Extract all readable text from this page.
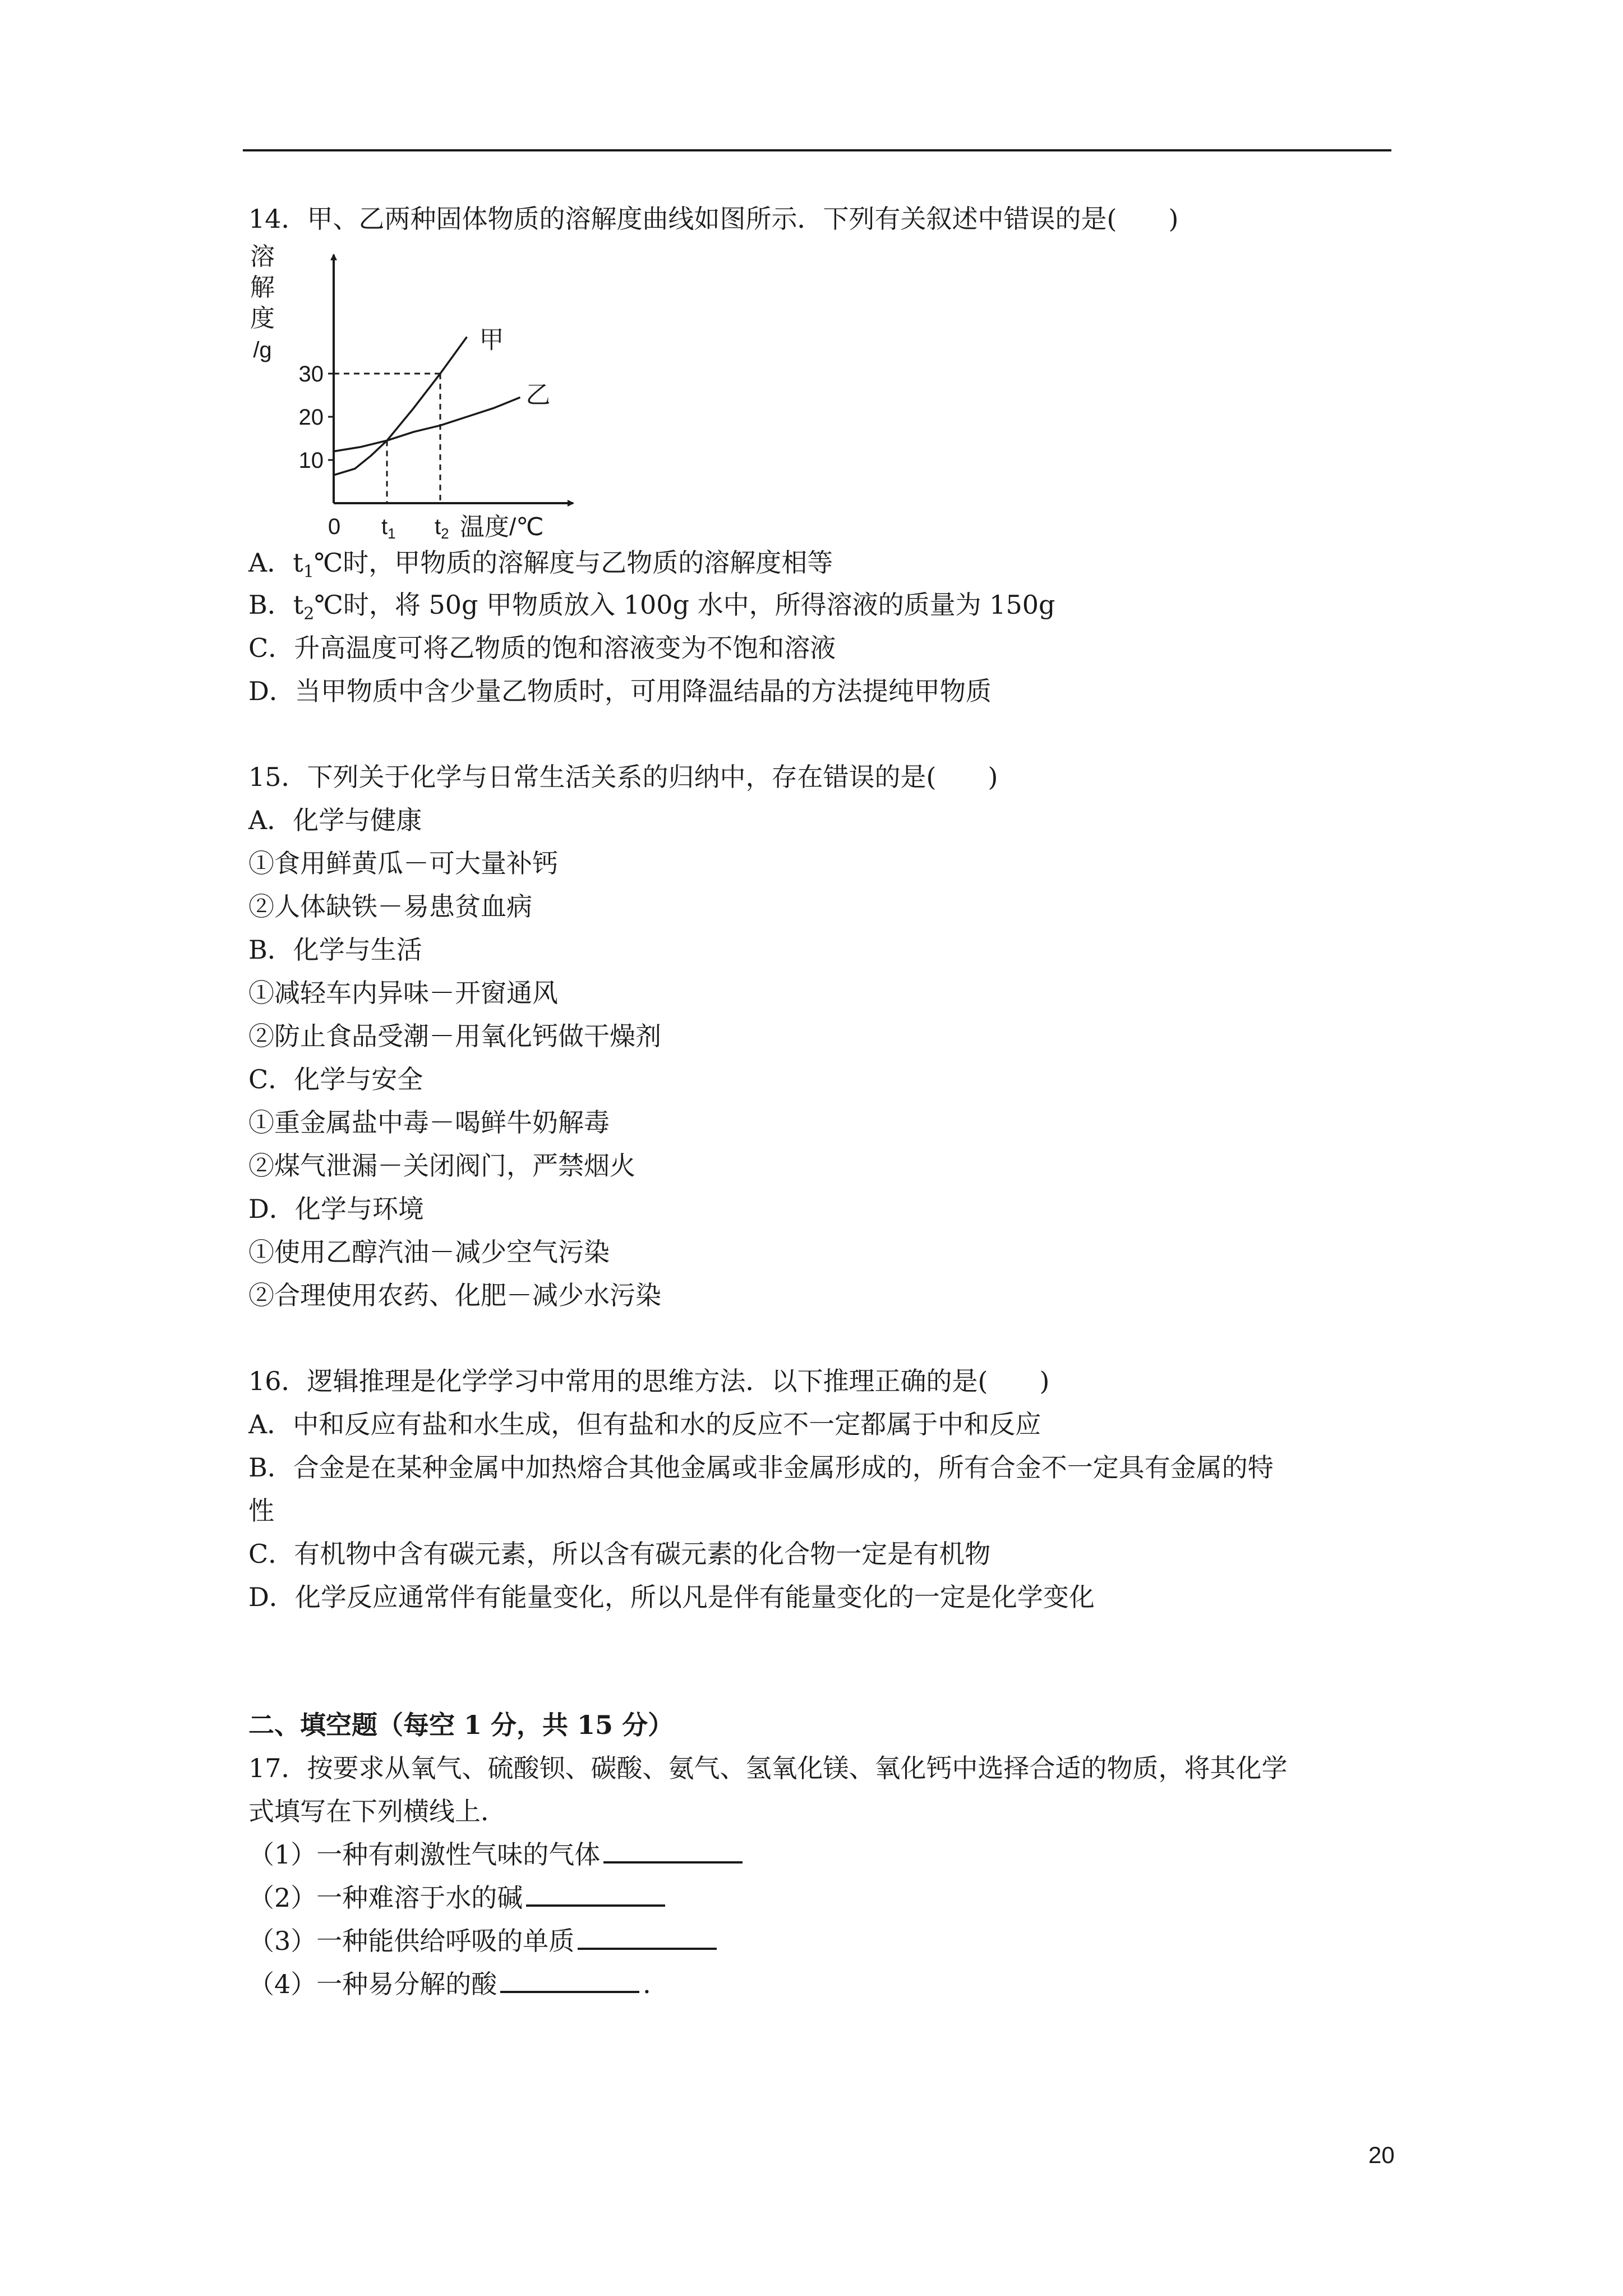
14．甲、乙两种固体物质的溶解度曲线如图所示．下列有关叙述中错误的是(　　)
溶
解
度
/g
10
20
30
$t_1$ $t_2$
甲
乙
0	温度/℃
A．$t_1℃$时，甲物质的溶解度与乙物质的溶解度相等
B．$t_2℃$时，将 50g 甲物质放入 100g 水中，所得溶液的质量为 150g
C．升高温度可将乙物质的饱和溶液变为不饱和溶液
D．当甲物质中含少量乙物质时，可用降温结晶的方法提纯甲物质
15．下列关于化学与日常生活关系的归纳中，存在错误的是(　　)
A．化学与健康
①食用鲜黄瓜－可大量补钙
②人体缺铁－易患贫血病
B．化学与生活
①减轻车内异味－开窗通风
②防止食品受潮－用氧化钙做干燥剂
C．化学与安全
①重金属盐中毒－喝鲜牛奶解毒
②煤气泄漏－关闭阀门，严禁烟火
D．化学与环境
①使用乙醇汽油－减少空气污染
②合理使用农药、化肥－减少水污染
16．逻辑推理是化学学习中常用的思维方法．以下推理正确的是(　　)
A．中和反应有盐和水生成，但有盐和水的反应不一定都属于中和反应
B．合金是在某种金属中加热熔合其他金属或非金属形成的，所有合金不一定具有金属的特
性
C．有机物中含有碳元素，所以含有碳元素的化合物一定是有机物
D．化学反应通常伴有能量变化，所以凡是伴有能量变化的一定是化学变化
二、填空题（每空 1 分，共 15 分）
17．按要求从氧气、硫酸钡、碳酸、氨气、氢氧化镁、氧化钙中选择合适的物质，将其化学
式填写在下列横线上．
（1）一种有刺激性气味的气体
（2）一种难溶于水的碱
（3）一种能供给呼吸的单质
（4）一种易分解的酸	．
20
